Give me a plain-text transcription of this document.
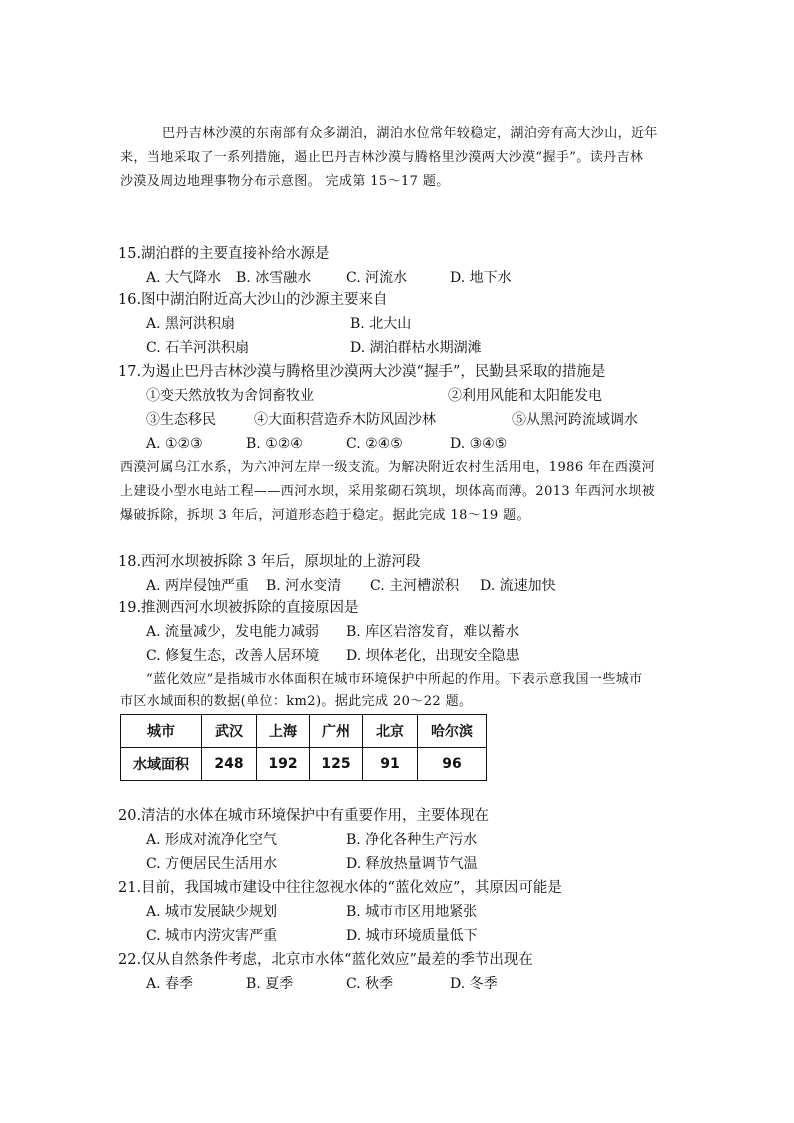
巴丹吉林沙漠的东南部有众多湖泊，湖泊水位常年较稳定，湖泊旁有高大沙山，近年
来，当地采取了一系列措施，遏止巴丹吉林沙漠与腾格里沙漠两大沙漠“握手”。读丹吉林
沙漠及周边地理事物分布示意图。 完成第 15～17 题。
15.湖泊群的主要直接补给水源是
A. 大气降水 B. 冰雪融水 C. 河流水	D. 地下水
16.图中湖泊附近高大沙山的沙源主要来自
A. 黑河洪积扇	B. 北大山
C. 石羊河洪积扇	D. 湖泊群枯水期湖滩
17.为遏止巴丹吉林沙漠与腾格里沙漠两大沙漠“握手”，民勤县采取的措施是
①变天然放牧为舍饲畜牧业	②利用风能和太阳能发电
③生态移民	④大面积营造乔木防风固沙林	⑤从黑河跨流域调水
A. ①②③	B. ①②④	C. ②④⑤	D. ③④⑤
西漠河属乌江水系，为六冲河左岸一级支流。为解决附近农村生活用电，1986 年在西漠河
上建设小型水电站工程——西河水坝，采用浆砌石筑坝，坝体高而薄。2013 年西河水坝被
爆破拆除，拆坝 3 年后，河道形态趋于稳定。据此完成 18～19 题。
18.西河水坝被拆除 3 年后，原坝址的上游河段
A. 两岸侵蚀严重 B. 河水变清 C. 主河槽淤积 D. 流速加快
19.推测西河水坝被拆除的直接原因是
A. 流量减少，发电能力减弱 B. 库区岩溶发育，难以蓄水
C. 修复生态，改善人居环境 D. 坝体老化，出现安全隐患
“蓝化效应”是指城市水体面积在城市环境保护中所起的作用。下表示意我国一些城市
市区水域面积的数据(单位：km2)。据此完成 20～22 题。
城市	武汉	上海	广州	北京	哈尔滨
水域面积	248	192	125	91	96
20.清洁的水体在城市环境保护中有重要作用，主要体现在
A. 形成对流净化空气	B. 净化各种生产污水
C. 方便居民生活用水	D. 释放热量调节气温
21.目前，我国城市建设中往往忽视水体的“蓝化效应”，其原因可能是
A. 城市发展缺少规划	B. 城市市区用地紧张
C. 城市内涝灾害严重	D. 城市环境质量低下
22.仅从自然条件考虑，北京市水体“蓝化效应”最差的季节出现在
A. 春季	B. 夏季	C. 秋季	D. 冬季
